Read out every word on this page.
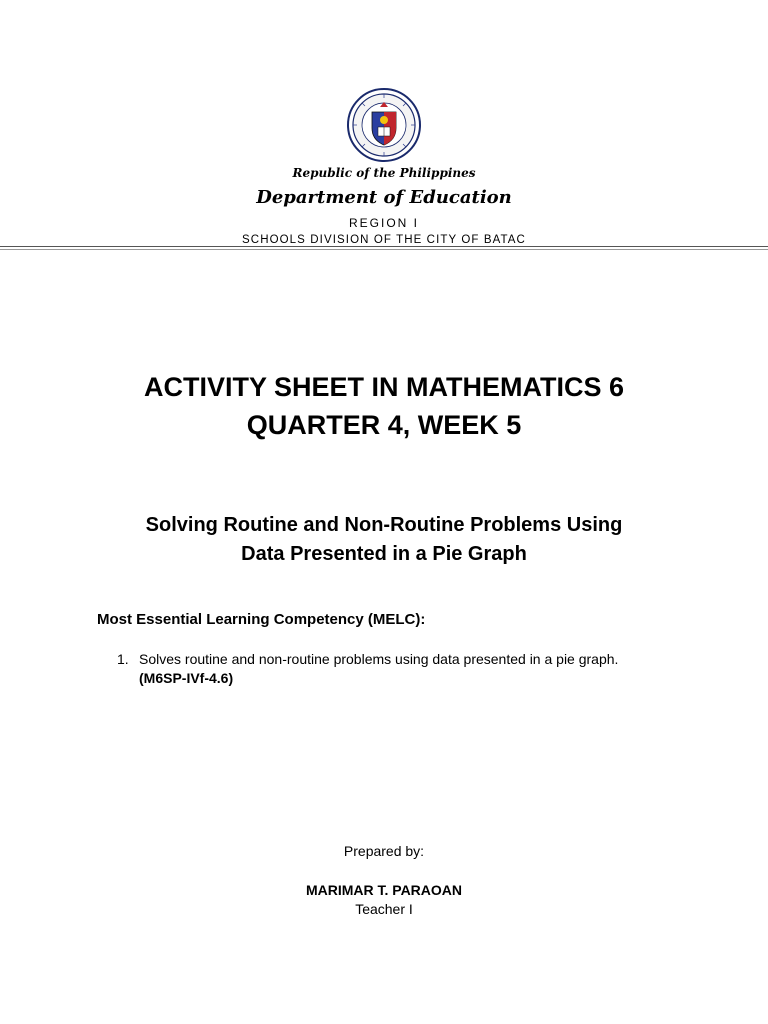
Republic of the Philippines
Department of Education
REGION I
SCHOOLS DIVISION OF THE CITY OF BATAC
ACTIVITY SHEET IN MATHEMATICS 6
QUARTER 4, WEEK 5
Solving Routine and Non-Routine Problems Using
Data Presented in a Pie Graph
Most Essential Learning Competency (MELC):
1. Solves routine and non-routine problems using data presented in a pie graph.
(M6SP-IVf-4.6)
Prepared by:
MARIMAR T. PARAOAN
Teacher I
